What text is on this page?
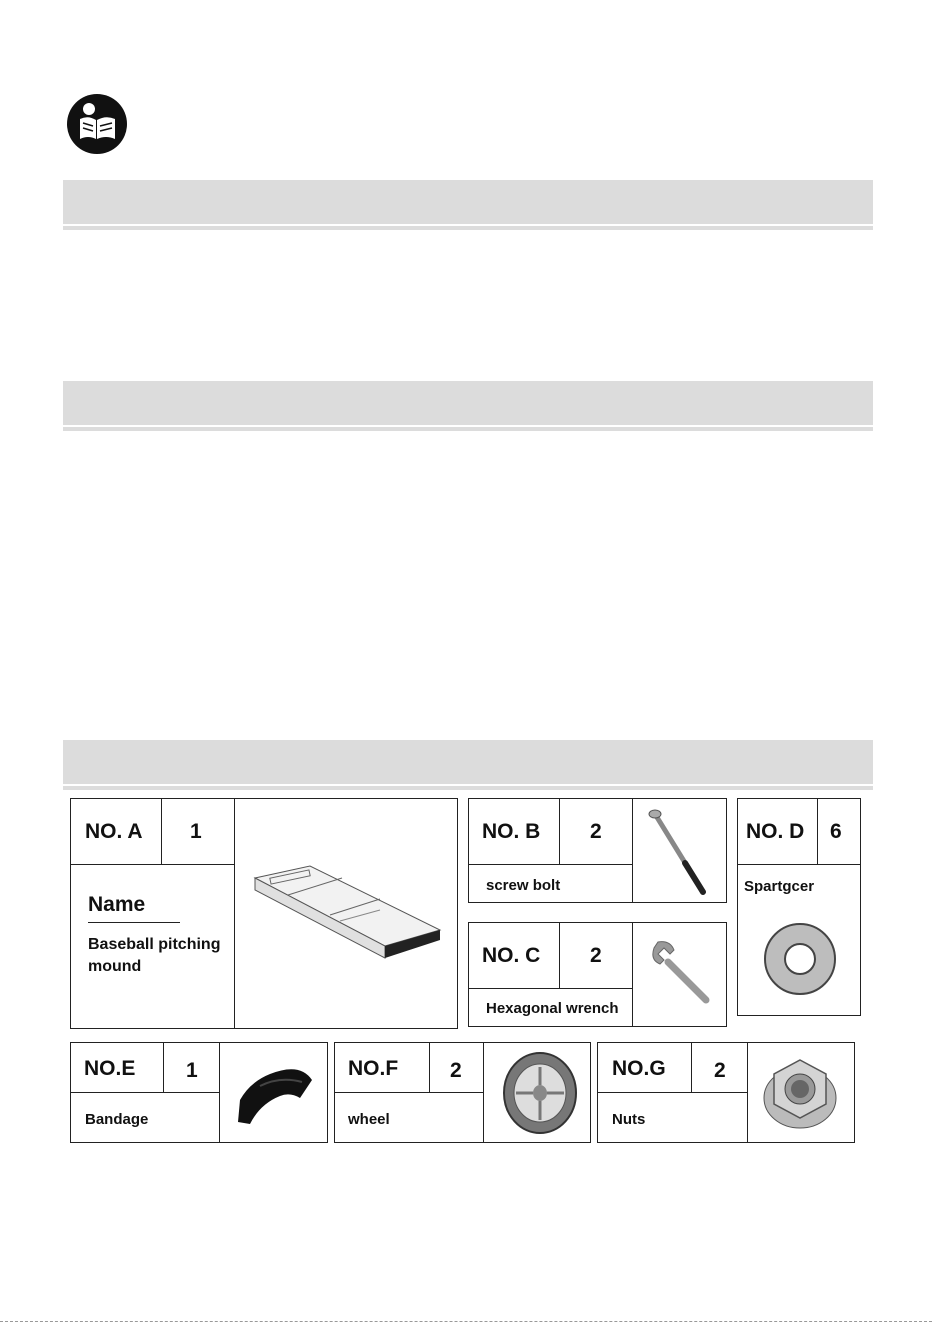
NO. A 1
Name
Baseball pitching mound
NO. B 2
screw bolt
NO. C 2
Hexagonal wrench
NO. D 6
Spartgcer
NO.E 1
Bandage
NO.F 2
wheel
NO.G 2
Nuts
